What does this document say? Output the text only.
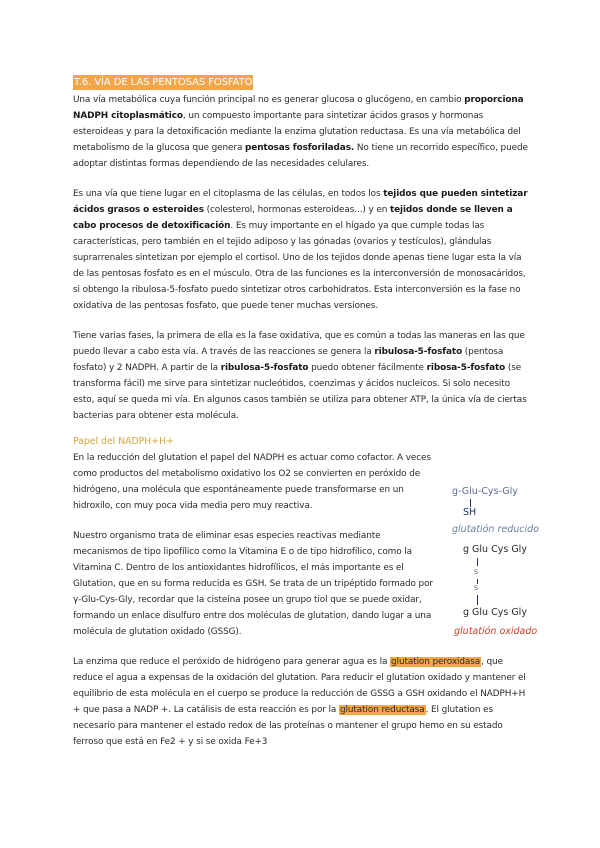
T.6. VÍA DE LAS PENTOSAS FOSFATO

Una vía metabólica cuya función principal no es generar glucosa o glucógeno, en cambio proporciona NADPH citoplasmático, un compuesto importante para sintetizar ácidos grasos y hormonas esteroideas y para la detoxificación mediante la enzima glutation reductasa. Es una vía metabólica del metabolismo de la glucosa que genera pentosas fosforiladas. No tiene un recorrido específico, puede adoptar distintas formas dependiendo de las necesidades celulares.

Es una vía que tiene lugar en el citoplasma de las células, en todos los tejidos que pueden sintetizar ácidos grasos o esteroides (colesterol, hormonas esteroideas...) y en tejidos donde se lleven a cabo procesos de detoxificación. Es muy importante en el hígado ya que cumple todas las características, pero también en el tejido adiposo y las gónadas (ovarios y testículos), glándulas suprarrenales sintetizan por ejemplo el cortisol. Uno de los tejidos donde apenas tiene lugar esta la vía de las pentosas fosfato es en el músculo. Otra de las funciones es la interconversión de monosacáridos, si obtengo la ribulosa-5-fosfato puedo sintetizar otros carbohidratos. Esta interconversión es la fase no oxidativa de las pentosas fosfato, que puede tener muchas versiones.

Tiene varias fases, la primera de ella es la fase oxidativa, que es común a todas las maneras en las que puedo llevar a cabo esta vía. A través de las reacciones se genera la ribulosa-5-fosfato (pentosa fosfato) y 2 NADPH. A partir de la ribulosa-5-fosfato puedo obtener fácilmente ribosa-5-fosfato (se transforma fácil) me sirve para sintetizar nucleótidos, coenzimas y ácidos nucleicos. Si solo necesito esto, aquí se queda mi vía. En algunos casos también se utiliza para obtener ATP, la única vía de ciertas bacterias para obtener esta molécula.

Papel del NADPH+H+

En la reducción del glutation el papel del NADPH es actuar como cofactor. A veces como productos del metabolismo oxidativo los O2 se convierten en peróxido de hidrógeno, una molécula que espontáneamente puede transformarse en un hidroxilo, con muy poca vida media pero muy reactiva.

Nuestro organismo trata de eliminar esas especies reactivas mediante mecanismos de tipo lipofílico como la Vitamina E o de tipo hidrofílico, como la Vitamina C. Dentro de los antioxidantes hidrofílicos, el más importante es el Glutation, que en su forma reducida es GSH. Se trata de un tripéptido formado por γ-Glu-Cys-Gly, recordar que la cisteína posee un grupo tiol que se puede oxidar, formando un enlace disulfuro entre dos moléculas de glutation, dando lugar a una molécula de glutation oxidado (GSSG).

La enzima que reduce el peróxido de hidrógeno para generar agua es la glutation peroxidasa, que reduce el agua a expensas de la oxidación del glutation. Para reducir el glutation oxidado y mantener el equilibrio de esta molécula en el cuerpo se produce la reducción de GSSG a GSH oxidando el NADPH+H + que pasa a NADP +. La catálisis de esta reacción es por la glutation reductasa. El glutation es necesario para mantener el estado redox de las proteínas o mantener el grupo hemo en su estado ferroso que está en Fe2 + y si se oxida Fe+3

g-Glu-Cys-Gly
SH
glutatión reducido
g Glu Cys Gly
S
S
g Glu Cys Gly
glutatión oxidado
